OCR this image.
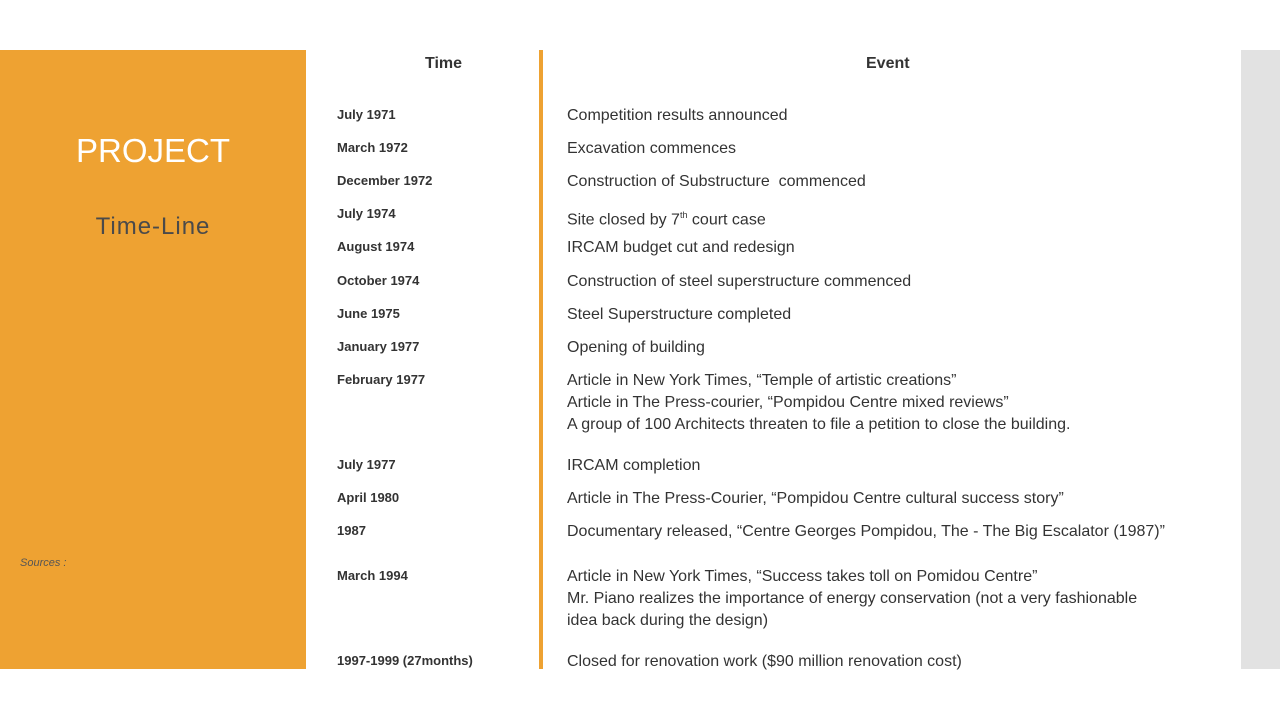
PROJECT
Time-Line
Sources :
Time	Event
July 1971	Competition results announced
March 1972	Excavation commences
December 1972	Construction of Substructure  commenced
July 1974	Site closed by 7th court case
August 1974	IRCAM budget cut and redesign
October 1974	Construction of steel superstructure commenced
June 1975	Steel Superstructure completed
January 1977	Opening of building
February 1977	Article in New York Times, “Temple of artistic creations”
Article in The Press-courier, “Pompidou Centre mixed reviews”
A group of 100 Architects threaten to file a petition to close the building.
July 1977	IRCAM completion
April 1980	Article in The Press-Courier, “Pompidou Centre cultural success story”
1987	Documentary released, “Centre Georges Pompidou, The - The Big Escalator (1987)”
March 1994	Article in New York Times, “Success takes toll on Pomidou Centre”
Mr. Piano realizes the importance of energy conservation (not a very fashionable
idea back during the design)
1997-1999 (27months)	Closed for renovation work ($90 million renovation cost)
